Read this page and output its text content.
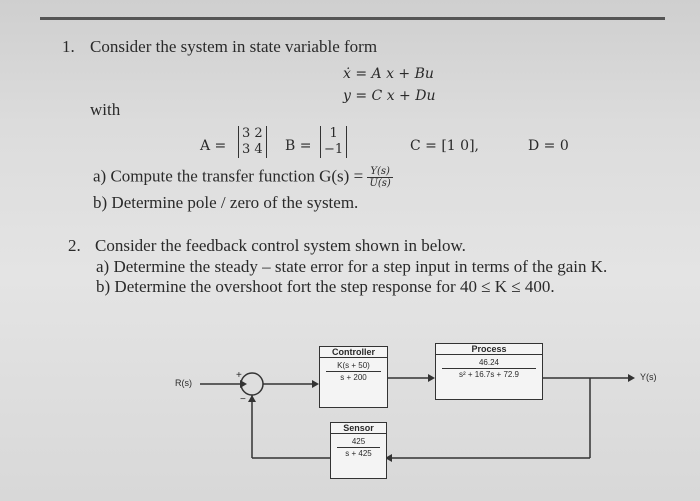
1. Consider the system in state variable form
ẋ = A x + Bu
y = C x + Du
with
A =
3 2
3 4 B =
1
−1	C = [1 0],	D = 0
a) Compute the transfer function $G(s) = \frac{Y(s)}{U(s)}$
b) Determine pole / zero of the system.
2. Consider the feedback control system shown in below.
a) Determine the steady – state error for a step input in terms of the gain K.
b) Determine the overshoot fort the step response for 40 ≤ K ≤ 400.
R(s)
+
−
Y(s)
Controller
K(s + 50)
s + 200
Process
46.24
s² + 16.7s + 72.9
Sensor
425
s + 425
